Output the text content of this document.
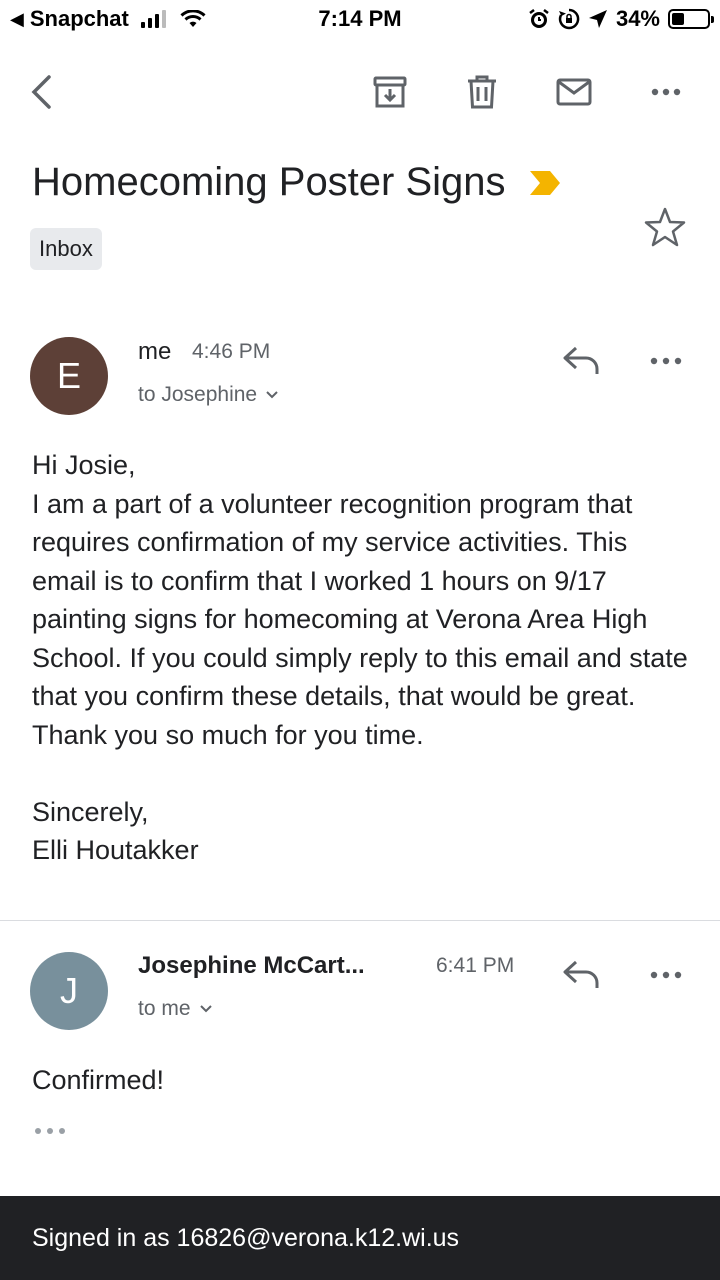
◀ Snapchat	7:14 PM	34%
Homecoming Poster Signs
Inbox
E
me 4:46 PM
to Josephine
Hi Josie,
I am a part of a volunteer recognition program that requires confirmation of my service activities. This email is to confirm that I worked 1 hours on 9/17 painting signs for homecoming at Verona Area High School. If you could simply reply to this email and state that you confirm these details, that would be great. Thank you so much for you time.
Sincerely,
Elli Houtakker
J
Josephine McCart...	6:41 PM
to me
Confirmed!
Signed in as 16826@verona.k12.wi.us
